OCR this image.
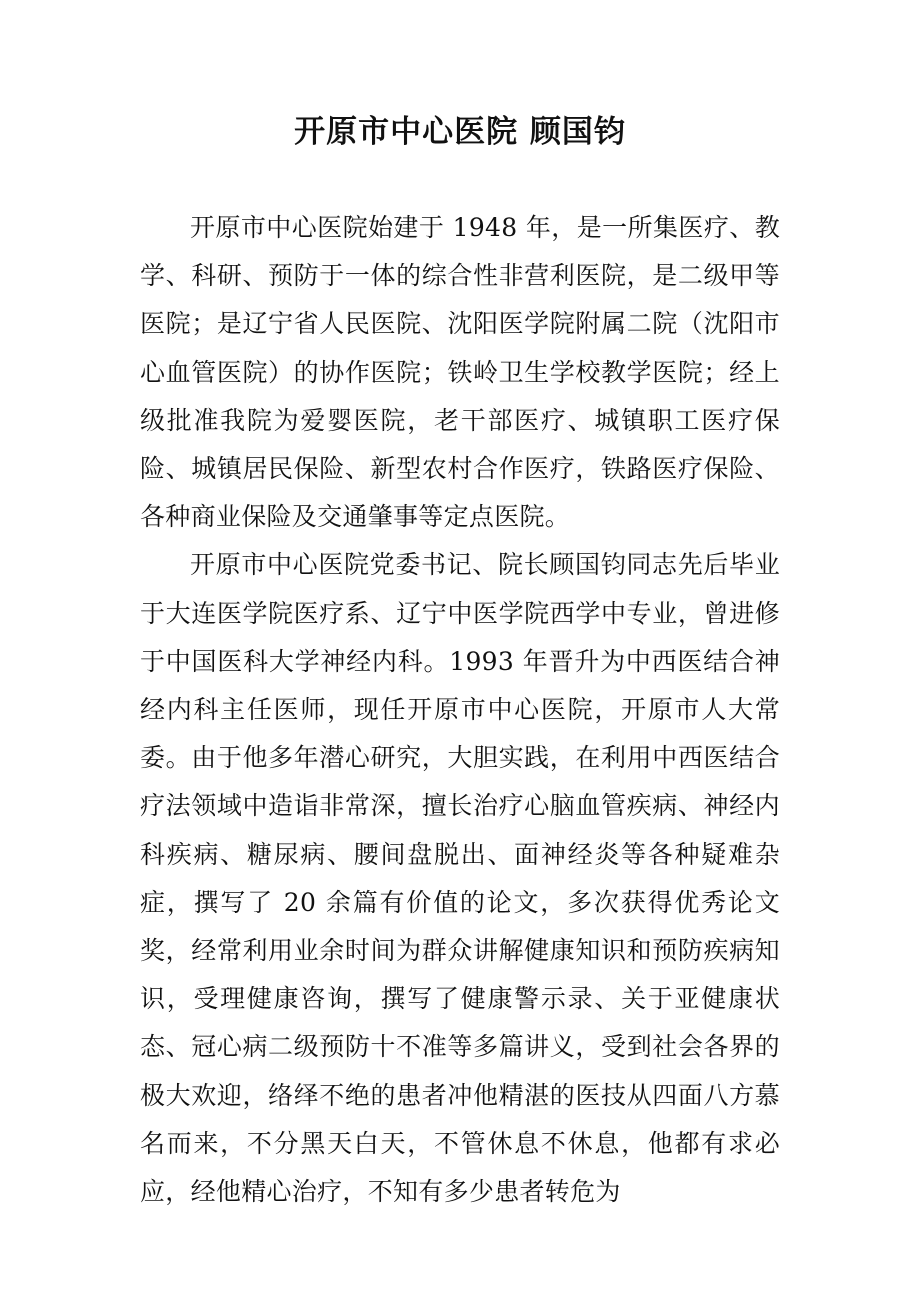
开原市中心医院 顾国钧

开原市中心医院始建于 1948 年，是一所集医疗、教学、科研、预防于一体的综合性非营利医院，是二级甲等医院；是辽宁省人民医院、沈阳医学院附属二院（沈阳市心血管医院）的协作医院；铁岭卫生学校教学医院；经上级批准我院为爱婴医院，老干部医疗、城镇职工医疗保险、城镇居民保险、新型农村合作医疗，铁路医疗保险、各种商业保险及交通肇事等定点医院。

开原市中心医院党委书记、院长顾国钧同志先后毕业于大连医学院医疗系、辽宁中医学院西学中专业，曾进修于中国医科大学神经内科。1993 年晋升为中西医结合神经内科主任医师，现任开原市中心医院，开原市人大常委。由于他多年潜心研究，大胆实践，在利用中西医结合疗法领域中造诣非常深，擅长治疗心脑血管疾病、神经内科疾病、糖尿病、腰间盘脱出、面神经炎等各种疑难杂症，撰写了 20 余篇有价值的论文，多次获得优秀论文奖，经常利用业余时间为群众讲解健康知识和预防疾病知识，受理健康咨询，撰写了健康警示录、关于亚健康状态、冠心病二级预防十不准等多篇讲义，受到社会各界的极大欢迎，络绎不绝的患者冲他精湛的医技从四面八方慕名而来，不分黑天白天，不管休息不休息，他都有求必应，经他精心治疗，不知有多少患者转危为
